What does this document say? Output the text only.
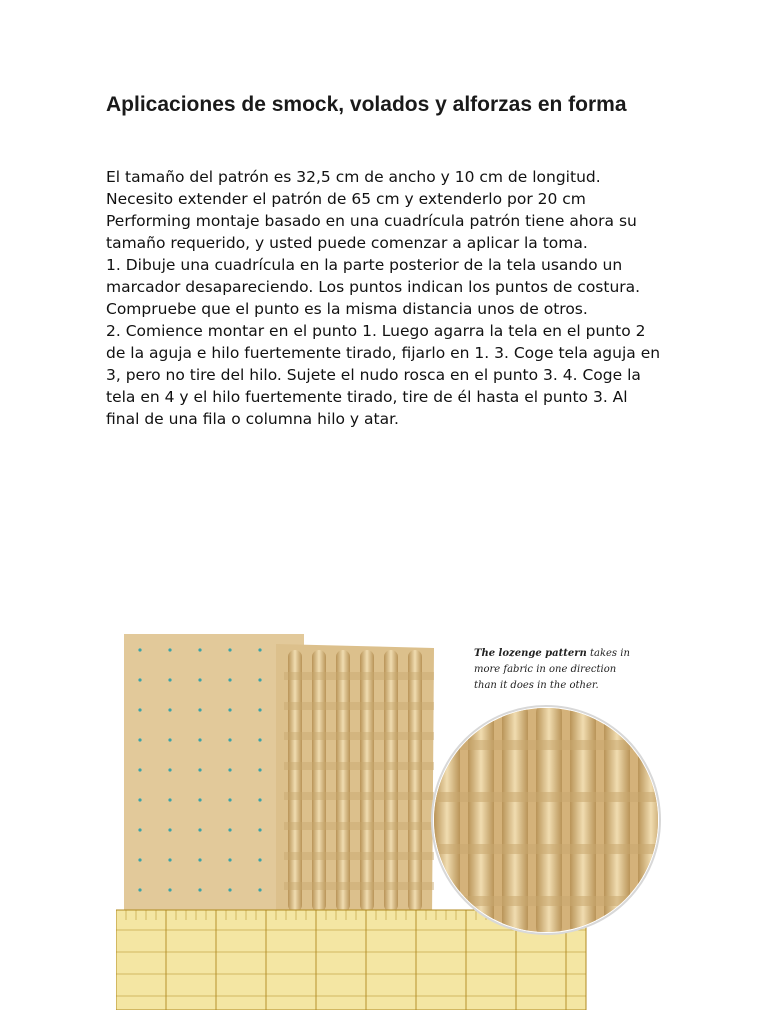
Aplicaciones de smock, volados y alforzas en forma

El tamaño del patrón es 32,5 cm de ancho y 10 cm de longitud. Necesito extender el patrón de 65 cm y extenderlo por 20 cm Performing montaje basado en una cuadrícula patrón tiene ahora su tamaño requerido, y usted puede comenzar a aplicar la toma.

1. Dibuje una cuadrícula en la parte posterior de la tela usando un marcador desapareciendo. Los puntos indican los puntos de costura. Compruebe que el punto es la misma distancia unos de otros.

2. Comience montar en el punto 1. Luego agarra la tela en el punto 2 de la aguja e hilo fuertemente tirado, fijarlo en 1. 3. Coge tela aguja en 3, pero no tire del hilo. Sujete el nudo rosca en el punto 3. 4. Coge la tela en 4 y el hilo fuertemente tirado, tire de él hasta el punto 3. Al final de una fila o columna hilo y atar.

The lozenge pattern takes in more fabric in one direction than it does in the other.
